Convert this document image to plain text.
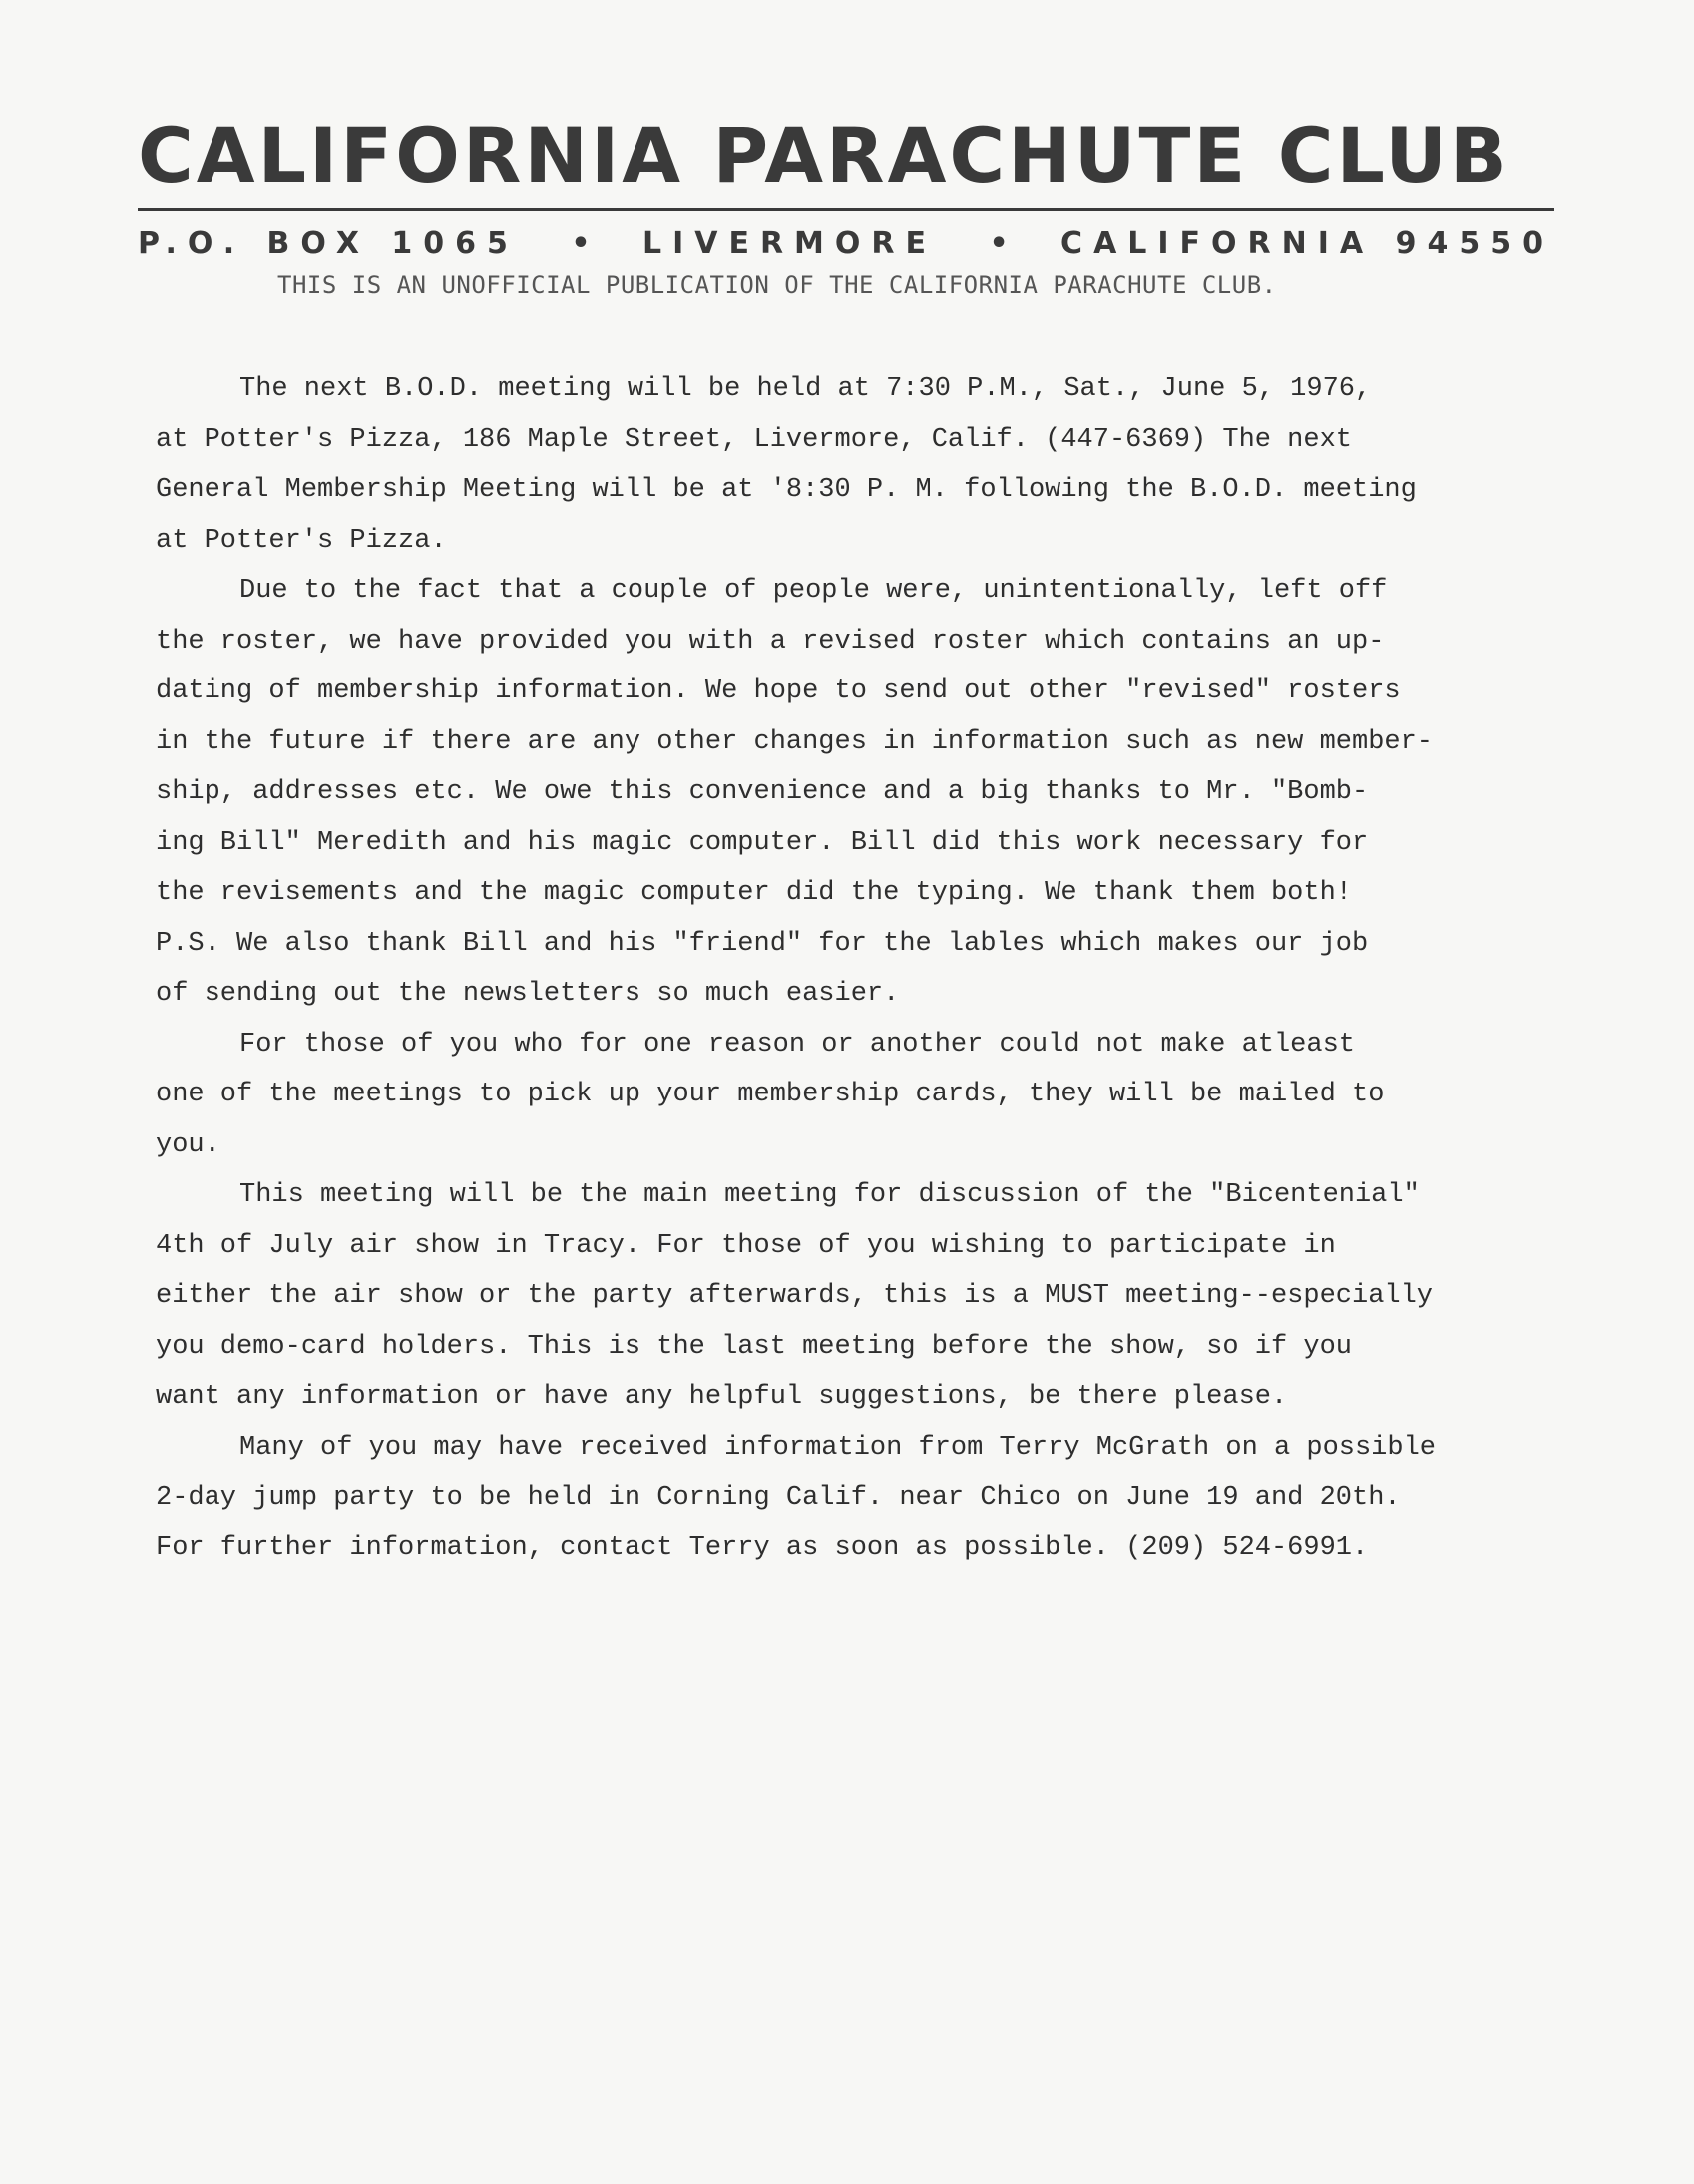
CALIFORNIA PARACHUTE CLUB
P.O. BOX 1065 • LIVERMORE • CALIFORNIA 94550
THIS IS AN UNOFFICIAL PUBLICATION OF THE CALIFORNIA PARACHUTE CLUB.
The next B.O.D. meeting will be held at 7:30 P.M., Sat., June 5, 1976,
at Potter's Pizza, 186 Maple Street, Livermore, Calif. (447-6369) The next
General Membership Meeting will be at '8:30 P. M. following the B.O.D. meeting
at Potter's Pizza.
Due to the fact that a couple of people were, unintentionally, left off
the roster, we have provided you with a revised roster which contains an up-
dating of membership information. We hope to send out other "revised" rosters
in the future if there are any other changes in information such as new member-
ship, addresses etc. We owe this convenience and a big thanks to Mr. "Bomb-
ing Bill" Meredith and his magic computer. Bill did this work necessary for
the revisements and the magic computer did the typing. We thank them both!
P.S. We also thank Bill and his "friend" for the lables which makes our job
of sending out the newsletters so much easier.
For those of you who for one reason or another could not make atleast
one of the meetings to pick up your membership cards, they will be mailed to
you.
This meeting will be the main meeting for discussion of the "Bicentenial"
4th of July air show in Tracy. For those of you wishing to participate in
either the air show or the party afterwards, this is a MUST meeting--especially
you demo-card holders. This is the last meeting before the show, so if you
want any information or have any helpful suggestions, be there please.
Many of you may have received information from Terry McGrath on a possible
2-day jump party to be held in Corning Calif. near Chico on June 19 and 20th.
For further information, contact Terry as soon as possible. (209) 524-6991.
